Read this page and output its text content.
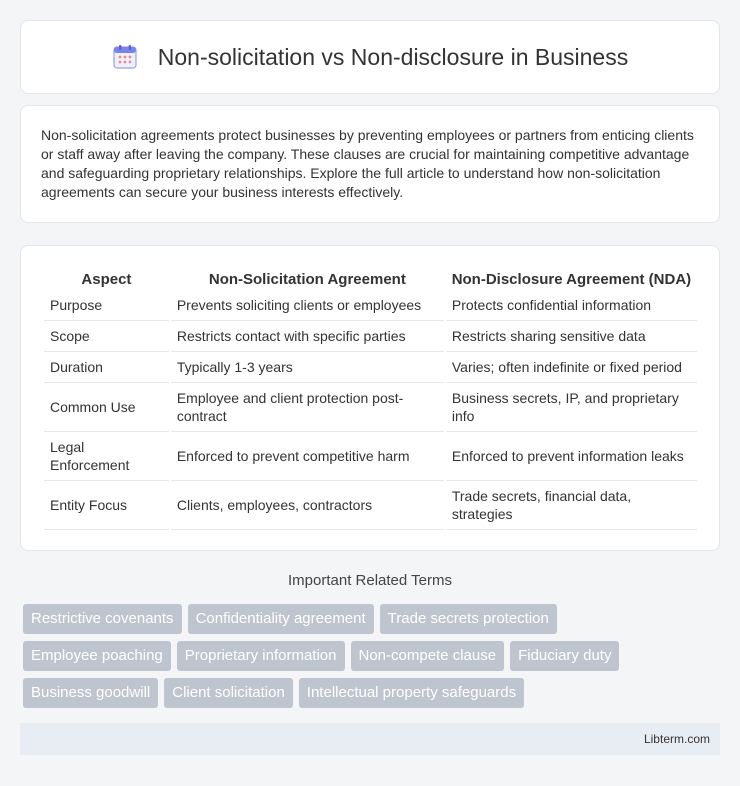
Non-solicitation vs Non-disclosure in Business

Non-solicitation agreements protect businesses by preventing employees or partners from enticing clients or staff away after leaving the company. These clauses are crucial for maintaining competitive advantage and safeguarding proprietary relationships. Explore the full article to understand how non-solicitation agreements can secure your business interests effectively.

Aspect	Non-Solicitation Agreement	Non-Disclosure Agreement (NDA)
Purpose	Prevents soliciting clients or employees	Protects confidential information
Scope	Restricts contact with specific parties	Restricts sharing sensitive data
Duration	Typically 1-3 years	Varies; often indefinite or fixed period
Common Use	Employee and client protection post-contract	Business secrets, IP, and proprietary info
Legal Enforcement	Enforced to prevent competitive harm	Enforced to prevent information leaks
Entity Focus	Clients, employees, contractors	Trade secrets, financial data, strategies
Important Related Terms
Restrictive covenants	Confidentiality agreement	Trade secrets protection
Employee poaching	Proprietary information	Non-compete clause	Fiduciary duty
Business goodwill	Client solicitation	Intellectual property safeguards
Libterm.com
